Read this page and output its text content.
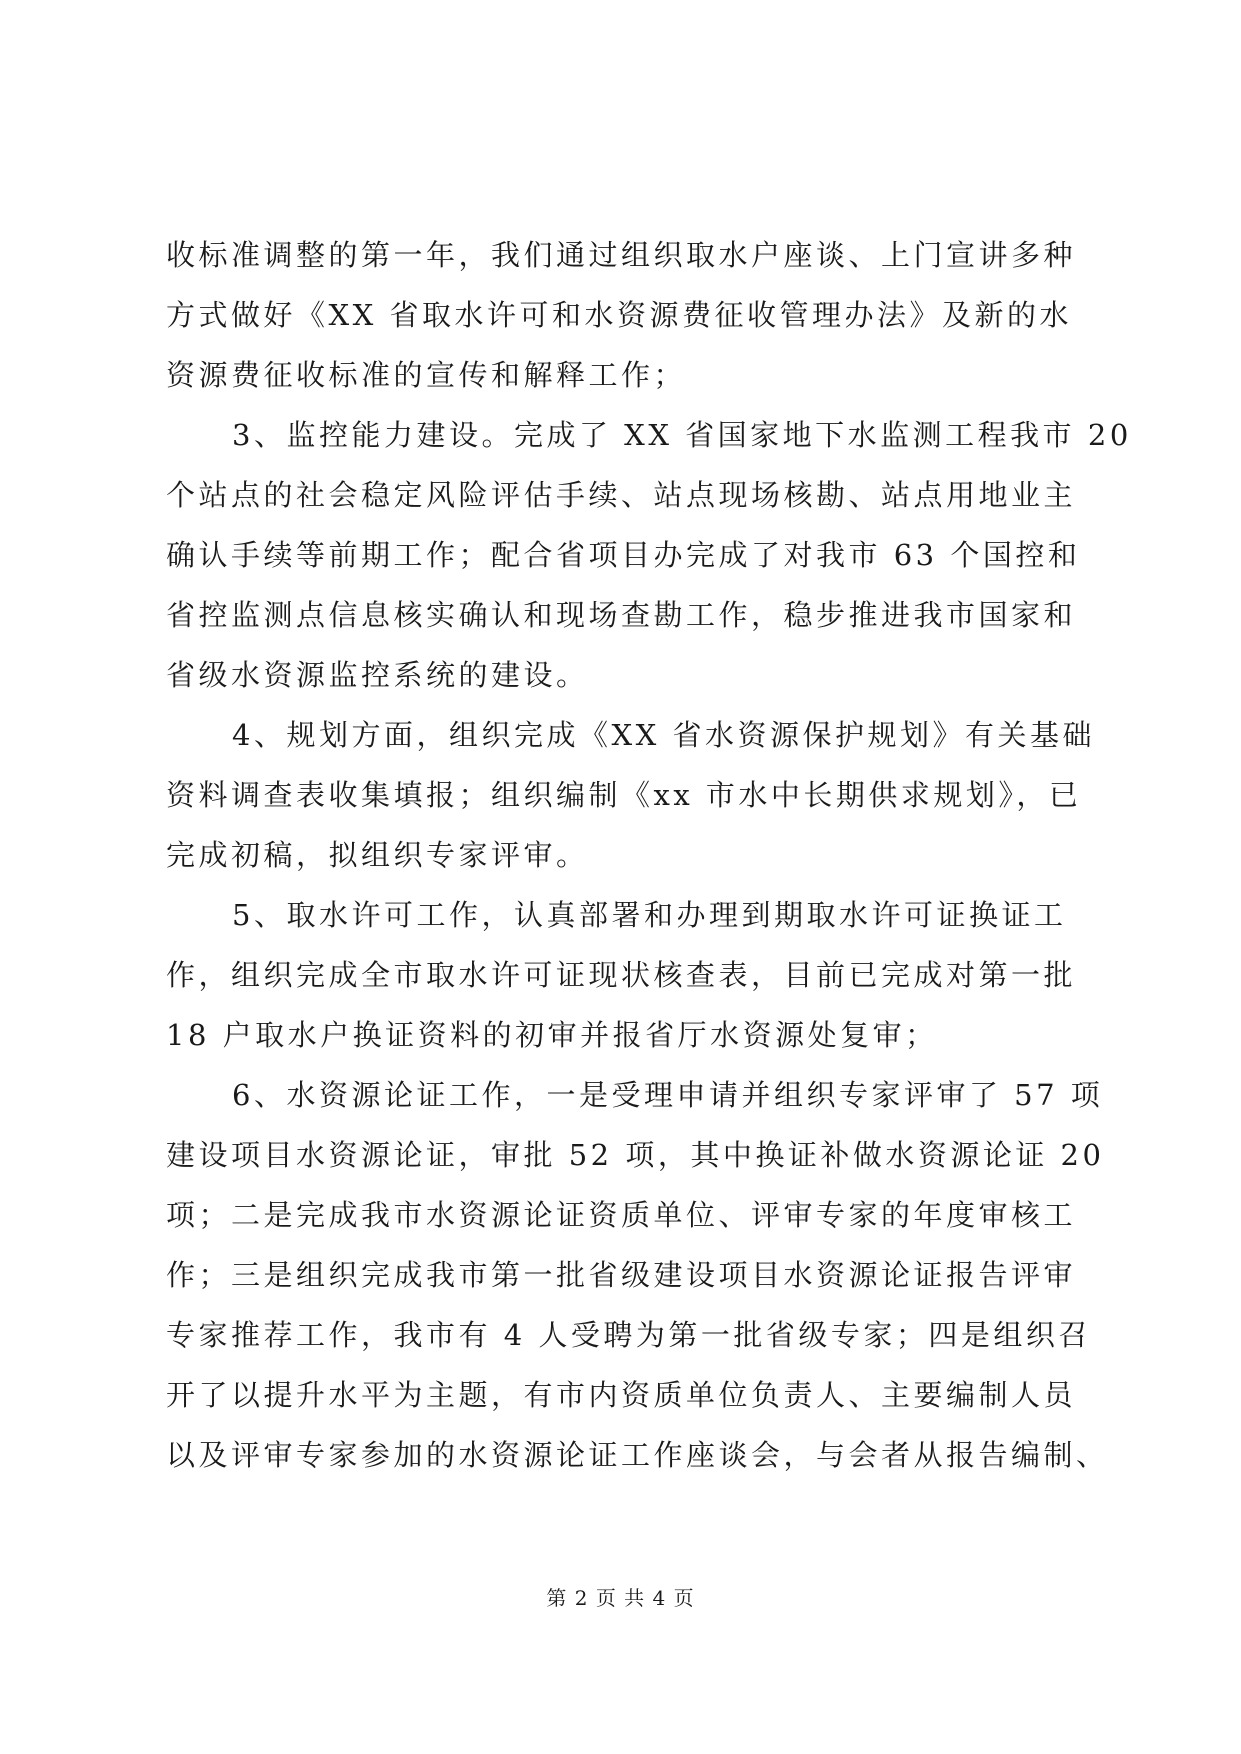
收标准调整的第一年，我们通过组织取水户座谈、上门宣讲多种
方式做好《XX 省取水许可和水资源费征收管理办法》及新的水
资源费征收标准的宣传和解释工作；
3、监控能力建设。完成了 XX 省国家地下水监测工程我市 20
个站点的社会稳定风险评估手续、站点现场核勘、站点用地业主
确认手续等前期工作；配合省项目办完成了对我市 63 个国控和
省控监测点信息核实确认和现场查勘工作，稳步推进我市国家和
省级水资源监控系统的建设。
4、规划方面，组织完成《XX 省水资源保护规划》有关基础
资料调查表收集填报；组织编制《xx 市水中长期供求规划》，已
完成初稿，拟组织专家评审。
5、取水许可工作，认真部署和办理到期取水许可证换证工
作，组织完成全市取水许可证现状核查表，目前已完成对第一批
18 户取水户换证资料的初审并报省厅水资源处复审；
6、水资源论证工作，一是受理申请并组织专家评审了 57 项
建设项目水资源论证，审批 52 项，其中换证补做水资源论证 20
项；二是完成我市水资源论证资质单位、评审专家的年度审核工
作；三是组织完成我市第一批省级建设项目水资源论证报告评审
专家推荐工作，我市有 4 人受聘为第一批省级专家；四是组织召
开了以提升水平为主题，有市内资质单位负责人、主要编制人员
以及评审专家参加的水资源论证工作座谈会，与会者从报告编制、
第 2 页 共 4 页
